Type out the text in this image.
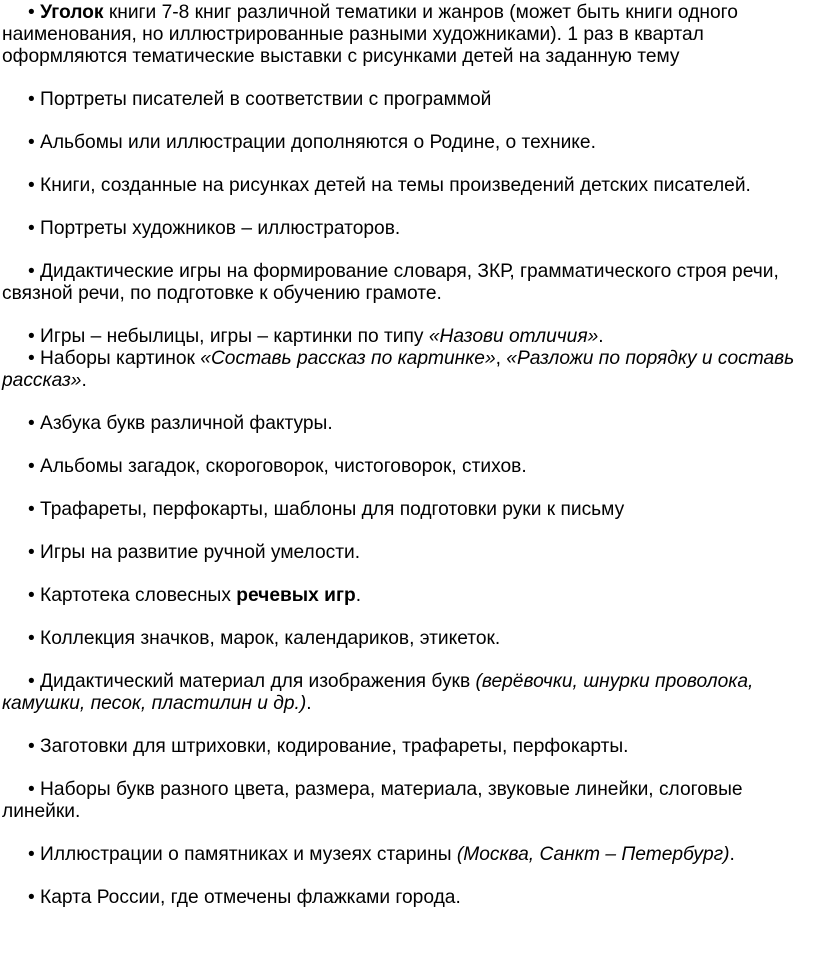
• Уголок книги 7-8 книг различной тематики и жанров (может быть книги одного наименования, но иллюстрированные разными художниками). 1 раз в квартал оформляются тематические выставки с рисунками детей на заданную тему

• Портреты писателей в соответствии с программой

• Альбомы или иллюстрации дополняются о Родине, о технике.

• Книги, созданные на рисунках детей на темы произведений детских писателей.

• Портреты художников – иллюстраторов.

• Дидактические игры на формирование словаря, ЗКР, грамматического строя речи, связной речи, по подготовке к обучению грамоте.

• Игры – небылицы, игры – картинки по типу «Назови отличия».

• Наборы картинок «Составь рассказ по картинке», «Разложи по порядку и составь рассказ».

• Азбука букв различной фактуры.

• Альбомы загадок, скороговорок, чистоговорок, стихов.

• Трафареты, перфокарты, шаблоны для подготовки руки к письму

• Игры на развитие ручной умелости.

• Картотека словесных речевых игр.

• Коллекция значков, марок, календариков, этикеток.

• Дидактический материал для изображения букв (верёвочки, шнурки проволока, камушки, песок, пластилин и др.).

• Заготовки для штриховки, кодирование, трафареты, перфокарты.

• Наборы букв разного цвета, размера, материала, звуковые линейки, слоговые линейки.

• Иллюстрации о памятниках и музеях старины (Москва, Санкт – Петербург).

• Карта России, где отмечены флажками города.
